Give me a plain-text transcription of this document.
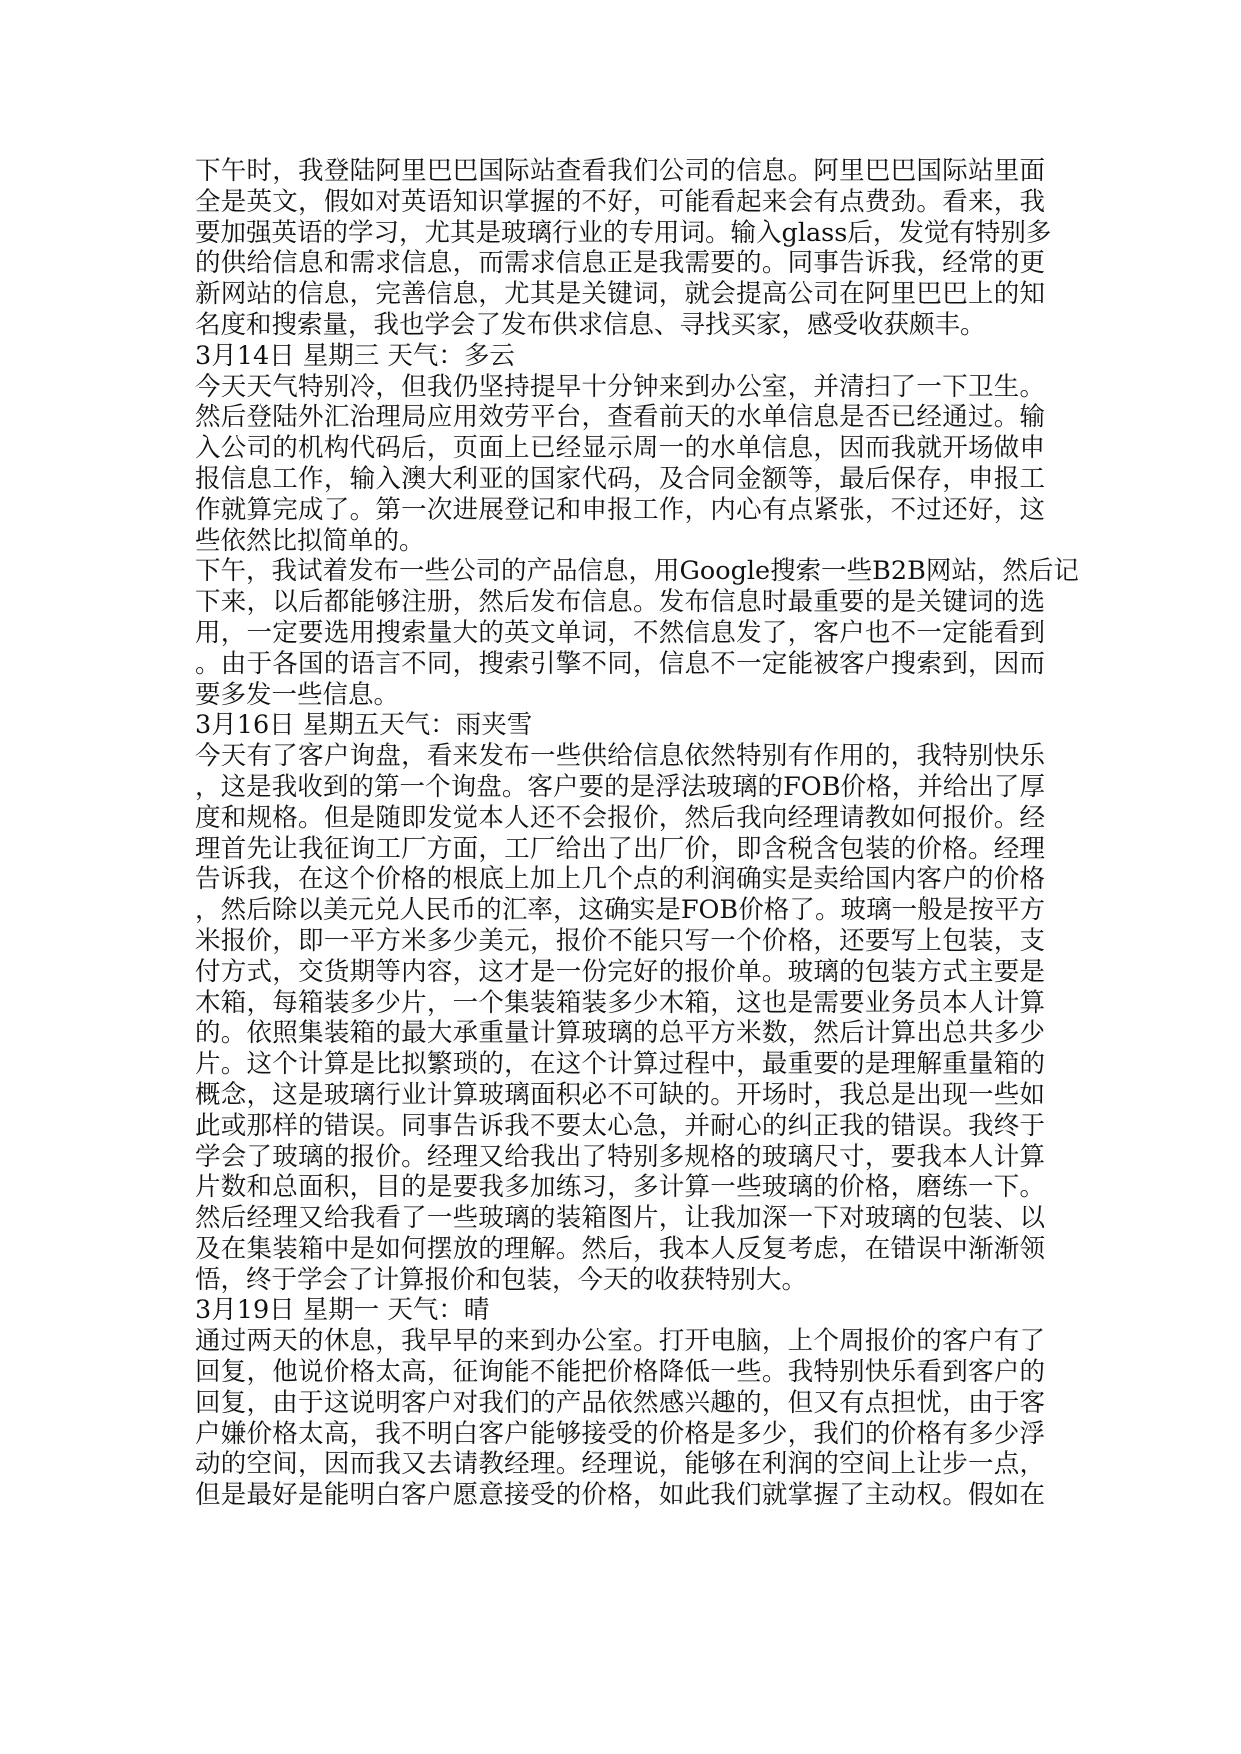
下午时，我登陆阿里巴巴国际站查看我们公司的信息。阿里巴巴国际站里面
全是英文，假如对英语知识掌握的不好，可能看起来会有点费劲。看来，我
要加强英语的学习，尤其是玻璃行业的专用词。输入glass后，发觉有特别多
的供给信息和需求信息，而需求信息正是我需要的。同事告诉我，经常的更
新网站的信息，完善信息，尤其是关键词，就会提高公司在阿里巴巴上的知
名度和搜索量，我也学会了发布供求信息、寻找买家，感受收获颇丰。
3月14日 星期三 天气：多云
今天天气特别冷，但我仍坚持提早十分钟来到办公室，并清扫了一下卫生。
然后登陆外汇治理局应用效劳平台，查看前天的水单信息是否已经通过。输
入公司的机构代码后，页面上已经显示周一的水单信息，因而我就开场做申
报信息工作，输入澳大利亚的国家代码，及合同金额等，最后保存，申报工
作就算完成了。第一次进展登记和申报工作，内心有点紧张，不过还好，这
些依然比拟简单的。
下午，我试着发布一些公司的产品信息，用Google搜索一些B2B网站，然后记
下来，以后都能够注册，然后发布信息。发布信息时最重要的是关键词的选
用，一定要选用搜索量大的英文单词，不然信息发了，客户也不一定能看到
。由于各国的语言不同，搜索引擎不同，信息不一定能被客户搜索到，因而
要多发一些信息。
3月16日 星期五天气：雨夹雪
今天有了客户询盘，看来发布一些供给信息依然特别有作用的，我特别快乐
，这是我收到的第一个询盘。客户要的是浮法玻璃的FOB价格，并给出了厚
度和规格。但是随即发觉本人还不会报价，然后我向经理请教如何报价。经
理首先让我征询工厂方面，工厂给出了出厂价，即含税含包装的价格。经理
告诉我，在这个价格的根底上加上几个点的利润确实是卖给国内客户的价格
，然后除以美元兑人民币的汇率，这确实是FOB价格了。玻璃一般是按平方
米报价，即一平方米多少美元，报价不能只写一个价格，还要写上包装，支
付方式，交货期等内容，这才是一份完好的报价单。玻璃的包装方式主要是
木箱，每箱装多少片，一个集装箱装多少木箱，这也是需要业务员本人计算
的。依照集装箱的最大承重量计算玻璃的总平方米数，然后计算出总共多少
片。这个计算是比拟繁琐的，在这个计算过程中，最重要的是理解重量箱的
概念，这是玻璃行业计算玻璃面积必不可缺的。开场时，我总是出现一些如
此或那样的错误。同事告诉我不要太心急，并耐心的纠正我的错误。我终于
学会了玻璃的报价。经理又给我出了特别多规格的玻璃尺寸，要我本人计算
片数和总面积，目的是要我多加练习，多计算一些玻璃的价格，磨练一下。
然后经理又给我看了一些玻璃的装箱图片，让我加深一下对玻璃的包装、以
及在集装箱中是如何摆放的理解。然后，我本人反复考虑，在错误中渐渐领
悟，终于学会了计算报价和包装，今天的收获特别大。
3月19日 星期一 天气：晴
通过两天的休息，我早早的来到办公室。打开电脑，上个周报价的客户有了
回复，他说价格太高，征询能不能把价格降低一些。我特别快乐看到客户的
回复，由于这说明客户对我们的产品依然感兴趣的，但又有点担忧，由于客
户嫌价格太高，我不明白客户能够接受的价格是多少，我们的价格有多少浮
动的空间，因而我又去请教经理。经理说，能够在利润的空间上让步一点，
但是最好是能明白客户愿意接受的价格，如此我们就掌握了主动权。假如在
